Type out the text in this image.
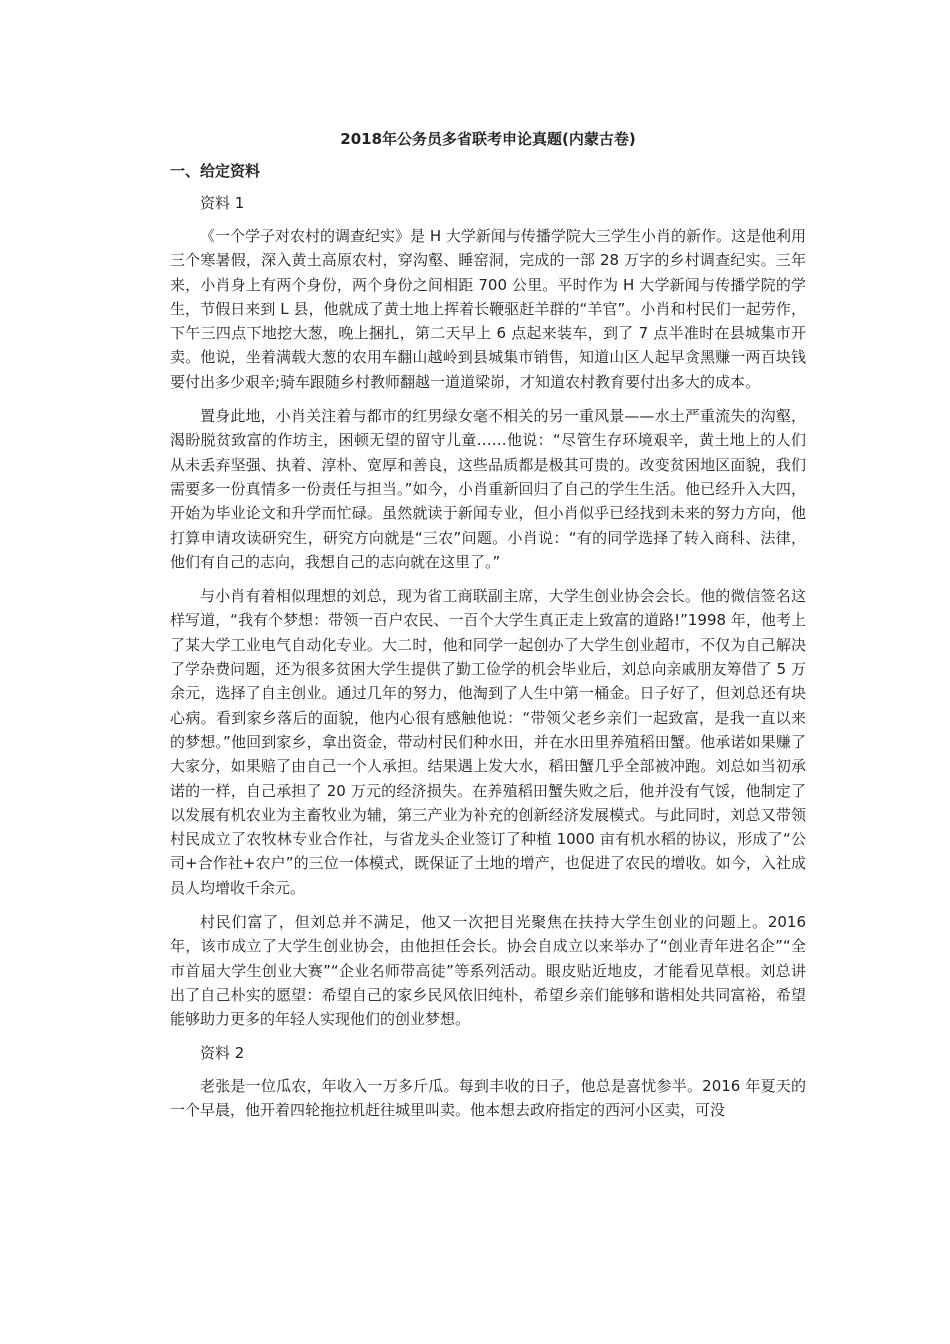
2018年公务员多省联考申论真题(内蒙古卷)
一、给定资料
资料 1

《一个学子对农村的调查纪实》是 H 大学新闻与传播学院大三学生小肖的新作。这是他利用三个寒暑假，深入黄土高原农村，穿沟壑、睡窑洞，完成的一部 28 万字的乡村调查纪实。三年来，小肖身上有两个身份，两个身份之间相距 700 公里。平时作为 H 大学新闻与传播学院的学生，节假日来到 L 县，他就成了黄土地上挥着长鞭驱赶羊群的“羊官”。小肖和村民们一起劳作，下午三四点下地挖大葱，晚上捆扎，第二天早上 6 点起来装车，到了 7 点半准时在县城集市开卖。他说，坐着满载大葱的农用车翻山越岭到县城集市销售，知道山区人起早贪黑赚一两百块钱要付出多少艰辛;骑车跟随乡村教师翻越一道道梁峁，才知道农村教育要付出多大的成本。

置身此地，小肖关注着与都市的红男绿女毫不相关的另一重风景——水土严重流失的沟壑，渴盼脱贫致富的作坊主，困顿无望的留守儿童……他说：“尽管生存环境艰辛，黄土地上的人们从未丢弃坚强、执着、淳朴、宽厚和善良，这些品质都是极其可贵的。改变贫困地区面貌，我们需要多一份真情多一份责任与担当。”如今，小肖重新回归了自己的学生生活。他已经升入大四，开始为毕业论文和升学而忙碌。虽然就读于新闻专业，但小肖似乎已经找到未来的努力方向，他打算申请攻读研究生，研究方向就是“三农”问题。小肖说：“有的同学选择了转入商科、法律，他们有自己的志向，我想自己的志向就在这里了。”

与小肖有着相似理想的刘总，现为省工商联副主席，大学生创业协会会长。他的微信签名这样写道，“我有个梦想：带领一百户农民、一百个大学生真正走上致富的道路!”1998 年，他考上了某大学工业电气自动化专业。大二时，他和同学一起创办了大学生创业超市，不仅为自己解决了学杂费问题，还为很多贫困大学生提供了勤工俭学的机会毕业后，刘总向亲戚朋友筹借了 5 万余元，选择了自主创业。通过几年的努力，他淘到了人生中第一桶金。日子好了，但刘总还有块心病。看到家乡落后的面貌，他内心很有感触他说：“带领父老乡亲们一起致富，是我一直以来的梦想。”他回到家乡，拿出资金，带动村民们种水田，并在水田里养殖稻田蟹。他承诺如果赚了大家分，如果赔了由自己一个人承担。结果遇上发大水，稻田蟹几乎全部被冲跑。刘总如当初承诺的一样，自己承担了 20 万元的经济损失。在养殖稻田蟹失败之后，他并没有气馁，他制定了以发展有机农业为主畜牧业为辅，第三产业为补充的创新经济发展模式。与此同时，刘总又带领村民成立了农牧林专业合作社，与省龙头企业签订了种植 1000 亩有机水稻的协议，形成了“公司+合作社+农户”的三位一体模式，既保证了土地的增产，也促进了农民的增收。如今，入社成员人均增收千余元。

村民们富了，但刘总并不满足，他又一次把目光聚焦在扶持大学生创业的问题上。2016 年，该市成立了大学生创业协会，由他担任会长。协会自成立以来举办了“创业青年进名企”“全市首届大学生创业大赛”“企业名师带高徒”等系列活动。眼皮贴近地皮，才能看见草根。刘总讲出了自己朴实的愿望：希望自己的家乡民风依旧纯朴，希望乡亲们能够和谐相处共同富裕，希望能够助力更多的年轻人实现他们的创业梦想。

资料 2

老张是一位瓜农，年收入一万多斤瓜。每到丰收的日子，他总是喜忧参半。2016 年夏天的一个早晨，他开着四轮拖拉机赶往城里叫卖。他本想去政府指定的西河小区卖，可没
